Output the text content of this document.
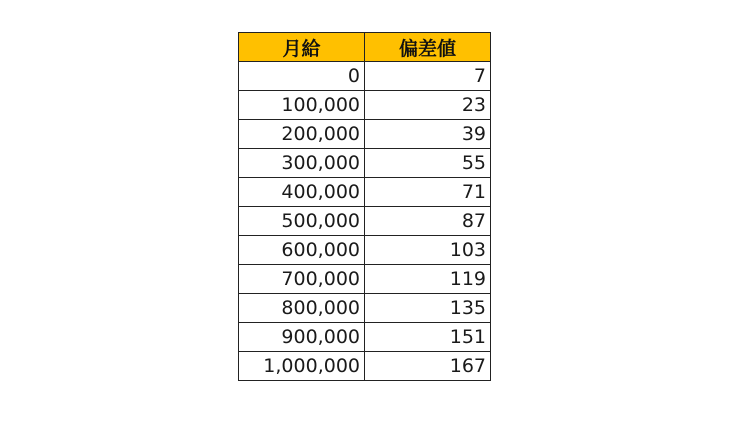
月給	偏差値
0	7
100,000	23
200,000	39
300,000	55
400,000	71
500,000	87
600,000	103
700,000	119
800,000	135
900,000	151
1,000,000	167
